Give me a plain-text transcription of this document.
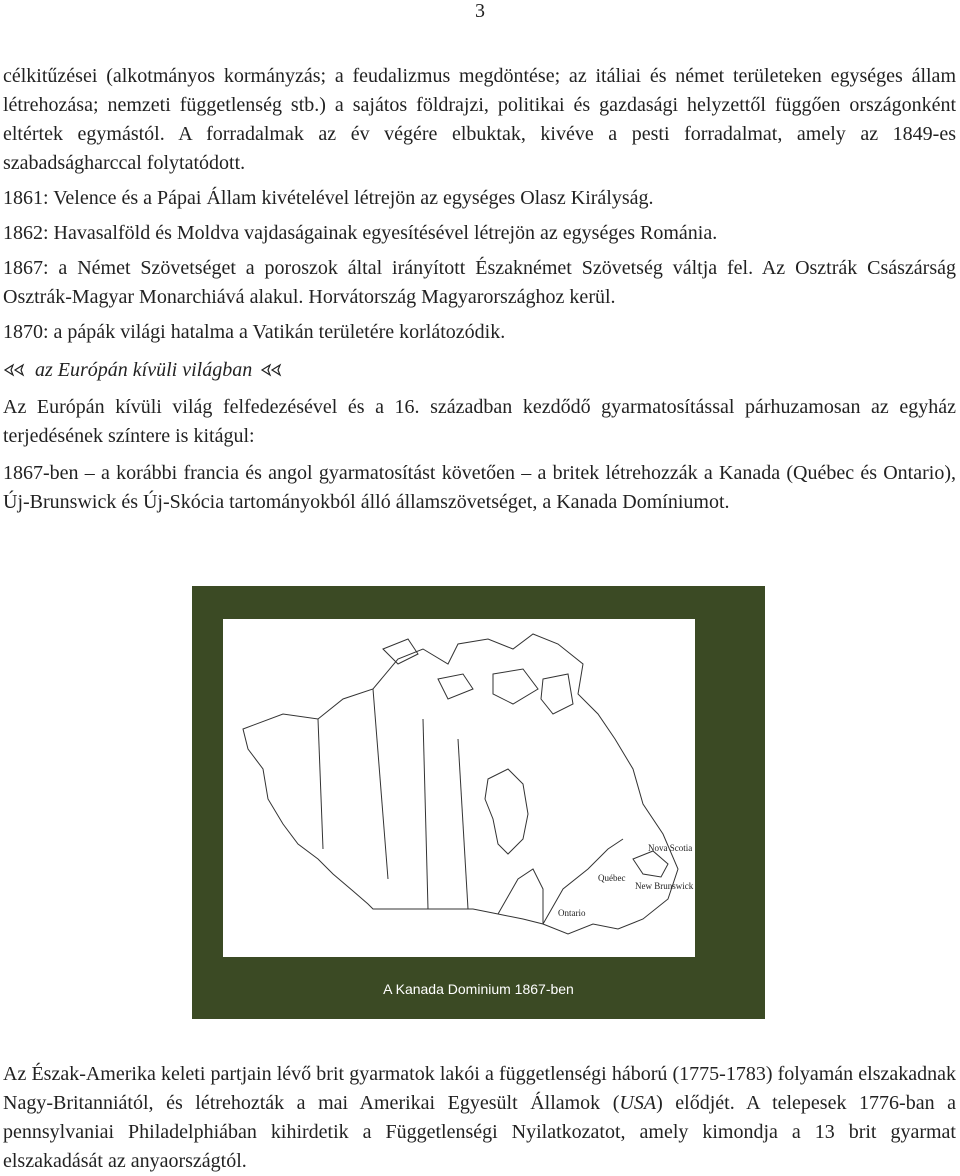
3

célkitűzései (alkotmányos kormányzás; a feudalizmus megdöntése; az itáliai és német területeken egységes állam létrehozása; nemzeti függetlenség stb.) a sajátos földrajzi, politikai és gazdasági helyzettől függően országonként eltértek egymástól. A forradalmak az év végére elbuktak, kivéve a pesti forradalmat, amely az 1849-es szabadságharccal folytatódott.

1861: Velence és a Pápai Állam kivételével létrejön az egységes Olasz Királyság.

1862: Havasalföld és Moldva vajdaságainak egyesítésével létrejön az egységes Románia.

1867: a Német Szövetséget a poroszok által irányított Északnémet Szövetség váltja fel. Az Osztrák Császárság Osztrák-Magyar Monarchiává alakul. Horvátország Magyarországhoz kerül.

1870: a pápák világi hatalma a Vatikán területére korlátozódik.

az Európán kívüli világban

Az Európán kívüli világ felfedezésével és a 16. században kezdődő gyarmatosítással párhuzamosan az egyház terjedésének színtere is kitágul:

1867-ben – a korábbi francia és angol gyarmatosítást követően – a britek létrehozzák a Kanada (Québec és Ontario), Új-Brunswick és Új-Skócia tartományokból álló államszövetséget, a Kanada Domíniumot.

Québec
Ontario
New Brunswick
Nova Scotia
A Kanada Dominium 1867-ben

Az Észak-Amerika keleti partjain lévő brit gyarmatok lakói a függetlenségi háború (1775-1783) folyamán elszakadnak Nagy-Britanniától, és létrehozták a mai Amerikai Egyesült Államok (USA) elődjét. A telepesek 1776-ban a pennsylvaniai Philadelphiában kihirdetik a Függetlenségi Nyilatkozatot, amely kimondja a 13 brit gyarmat elszakadását az anyaországtól.
